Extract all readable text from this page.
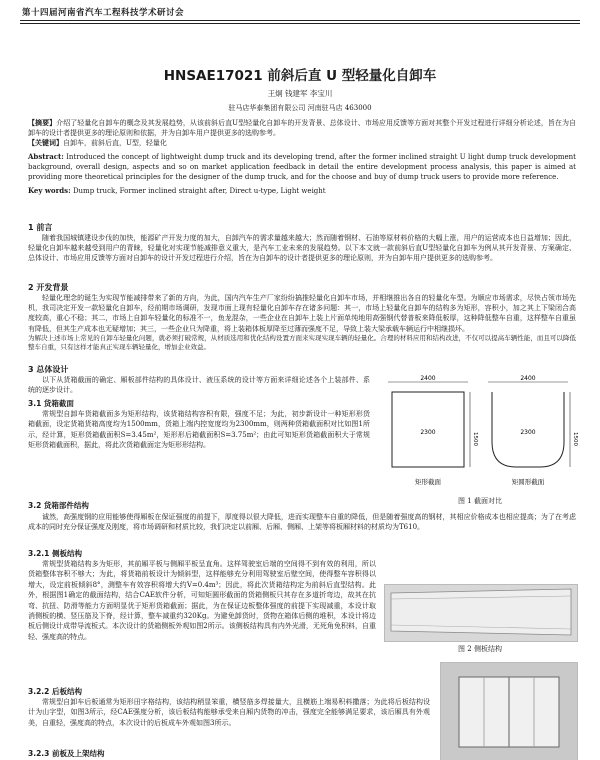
第十四届河南省汽车工程科技学术研讨会
HNSAE17021 前斜后直 U 型轻量化自卸车
王炯 钱建军 李宝川
驻马店华泰集团有限公司 河南驻马店 463000

【摘要】介绍了轻量化自卸车的概念及其发展趋势，从该前斜后直U型轻量化自卸车的开发背景、总体设计、市场应用反馈等方面对其整个开发过程进行详细分析论述，旨在为自卸车的设计者提供更多的理论原则和依据，并为自卸车用户提供更多的选购参考。

【关键词】自卸车，前斜后直，U型，轻量化

Abstract: Introduced the concept of lightweight dump truck and its developing trend, after the former inclined straight U light dump truck development background, overall design, aspects and so on market application feedback in detail the entire development process analysis, this paper is aimed at providing more theoretical principles for the designer of the dump truck, and for the choose and buy of dump truck users to provide more reference.

Key words: Dump truck, Former inclined straight after, Direct u-type, Light weight

1 前言

随着我国城镇建设步伐的加快，能源矿产开发力度的加大，自卸汽车的需求量越来越大；然而随着钢材、石油等原材料价格的大幅上涨，用户的运营成本也日益增加；因此，轻量化自卸车越来越受到用户的青睐，轻量化对实现节能减排意义重大，是汽车工业未来的发展趋势。以下本文就一款前斜后直U型轻量化自卸车为例从其开发背景、方案确定、总体设计、市场应用反馈等方面对自卸车的设计开发过程进行介绍，旨在为自卸车的设计者提供更多的理论原则，并为自卸车用户提供更多的选购参考。

2 开发背景

轻量化理念的诞生为实现节能减排带来了新的方向，为此，国内汽车生产厂家纷纷搞推轻量化自卸车市场，并相继推出各自的轻量化车型。为顺应市场需求，尽快占领市场先机，我司决定开发一款轻量化自卸车，经前期市场调研，发现市面上现有轻量化自卸车存在诸多问题：其一，市场上轻量化自卸车的结构多为矩形，容积小，加之其上下梁闭合高度较高，重心不稳；其二，市场上自卸车轻量化的标准不一，鱼龙混杂，一些企业在自卸车上装上片面单纯地用高强钢代替普板来降低板厚，这种降低整车自重，这样整车自重虽有降低，但其生产成本也无疑增加；其三，一些企业只为降重，将上装箱体板厚降至过薄而强度不足，导致上装大梁承载车辆运行中相继损坏。

为解决上述市场上常见的自卸车轻量化问题，就必须打破常规，从材质选用和优化结构设置方面来实现实现车辆的轻量化。合理的材料应用和结构改进，不仅可以提高车辆性能，而且可以降低整车自重，只有这样才能真正实现车辆轻量化，增加企业效益。

3 总体设计

以下从货箱截面的确定、厢板部件结构的具体设计、液压系统的设计等方面来详细论述各个上装部件、系统的逐步设计。

3.1 货箱截面

常规型自卸车货箱截面多为矩形结构，该货箱结构容积有限，强度不足；为此，初步新设计一种矩形形货箱截面，设定货箱货箱高度均为1500mm，货箱上端内控宽度均为2300mm，则两种货箱截面积对比如图1所示，经计算，矩形货箱截面积S=3.45m²，矩形形后箱截面积S=3.75m²；由此可知矩形货箱截面积大于常规矩形货箱截面积，据此，将此次货箱截面定为矩形形结构。

2400
1500
2300
2400
1500
2300
矩形截面	矩圆形截面
图 1 截面对比
3.2 货箱部件结构

诚然，高强度钢的应用能够使得厢板在保证强度的前提下，厚度得以很大降低，进而实现整车自重的降低，但是随着强度高的钢材，其相应价格成本也相应提高；为了在考虑成本的同时充分保证强度及刚度，将市场调研和材质比较，我们决定以前厢、后厢、侧厢、上架等将板厢材料的材质均为T610。

3.2.1 侧板结构

常规型货箱结构多为矩形，其前厢平板与侧厢平板呈直角。这样驾驶室后端的空间得不到有效的利用，所以货箱整体容积不够大；为此，将货箱前板设计为倾斜型，这样能够充分利用驾驶室后壁空间，使得整车容积得以增大，设定前板倾斜8°，测整车有效容积将增大约V=0.4m³；因此，将此次货箱结构定为前斜后直型结构。此外，根据图1确定的截面结构，结合CAE软件分析，可知矩圆形截面的货箱侧板只其存在多道折弯边，故其在抗弯、抗扭、防滑等能力方面明显优于矩形货箱截面；据此，为在保证边板整体强度的前提下实现减重，本设计取消侧板的横、竖压筋及下脊，经计算，整车减重约320Kg。为避免卸货时，货物在箱体后侧的堆积，本设计将边板后侧设计成带导流板式。本次设计的货箱侧板外观如图2所示。该侧板结构具有内外光滑，无死角免积料，自重轻、强度高的特点。

图 2 侧板结构
3.2.2 后板结构

常规型自卸车后板通常为矩形田字格结构，该结构稍显笨重，横竖筋多焊接量大，且横筋上端易积料撒落；为此将后板结构设计为山字型，如图3所示，经CAE强度分析，该后板结构能够承受来自厢内货物的冲击，强度完全能够满足要求，该后厢具有外观美，自重轻，强度高的特点，本次设计的后板成车外观如图3所示。

3.2.3 前板及上架结构
